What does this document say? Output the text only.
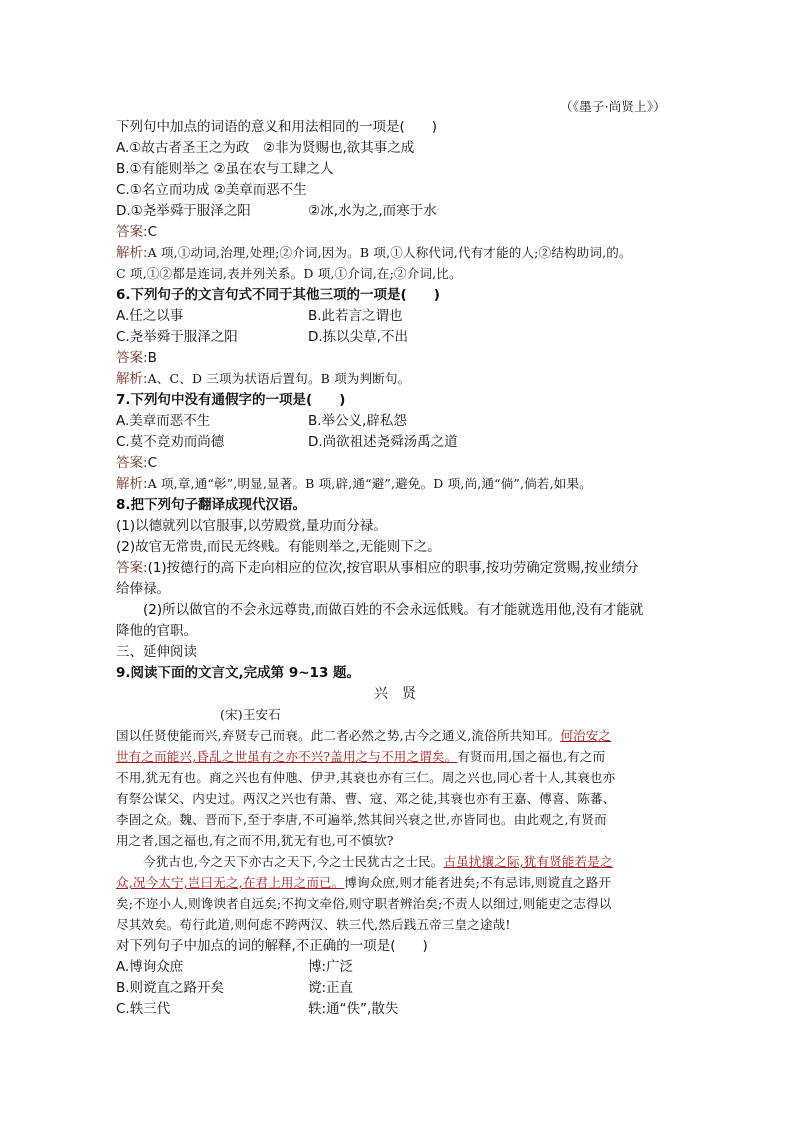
（《墨子·尚贤上》）
下列句中加点的词语的意义和用法相同的一项是(　　)
A.①故古者圣王之为政　②非为贤赐也,欲其事之成
B.①有能则举之 ②虽在农与工肆之人
C.①名立而功成 ②美章而恶不生
D.①尧举舜于服泽之阳	②冰,水为之,而寒于水
答案:C
解析:A 项,①动词,治理,处理;②介词,因为。B 项,①人称代词,代有才能的人;②结构助词,的。
C 项,①②都是连词,表并列关系。D 项,①介词,在;②介词,比。
6.下列句子的文言句式不同于其他三项的一项是(　　)
A.任之以事	B.此若言之谓也
C.尧举舜于服泽之阳	D.拣以尖草,不出
答案:B
解析:A、C、D 三项为状语后置句。B 项为判断句。
7.下列句中没有通假字的一项是(　　)
A.美章而恶不生	B.举公义,辟私怨
C.莫不竞劝而尚德	D.尚欲祖述尧舜汤禹之道
答案:C
解析:A 项,章,通“彰”,明显,显著。B 项,辟,通“避”,避免。D 项,尚,通“倘”,倘若,如果。
8.把下列句子翻译成现代汉语。
(1)以德就列以官服事,以劳殿赏,量功而分禄。
(2)故官无常贵,而民无终贱。有能则举之,无能则下之。
答案:(1)按德行的高下走向相应的位次,按官职从事相应的职事,按功劳确定赏赐,按业绩分
给俸禄。
(2)所以做官的不会永远尊贵,而做百姓的不会永远低贱。有才能就选用他,没有才能就
降他的官职。
三、延伸阅读
9.阅读下面的文言文,完成第 9~13 题。
兴　贤
(宋)王安石
国以任贤使能而兴,弃贤专己而衰。此二者必然之势,古今之通义,流俗所共知耳。何治安之
世有之而能兴,昏乱之世虽有之亦不兴?盖用之与不用之谓矣。有贤而用,国之福也,有之而
不用,犹无有也。商之兴也有仲虺、伊尹,其衰也亦有三仁。周之兴也,同心者十人,其衰也亦
有祭公谋父、内史过。两汉之兴也有萧、曹、寇、邓之徒,其衰也亦有王嘉、傅喜、陈蕃、
李固之众。魏、晋而下,至于李唐,不可遍举,然其间兴衰之世,亦皆同也。由此观之,有贤而
用之者,国之福也,有之而不用,犹无有也,可不慎欤?
今犹古也,今之天下亦古之天下,今之士民犹古之士民。古虽扰攘之际,犹有贤能若是之
众,况今太宁,岂曰无之,在君上用之而已。博询众庶,则才能者进矣;不有忌讳,则谠直之路开
矣;不迩小人,则谗谀者自远矣;不拘文牵俗,则守职者辨治矣;不责人以细过,则能吏之志得以
尽其效矣。苟行此道,则何虑不跨两汉、轶三代,然后践五帝三皇之途哉!
对下列句子中加点的词的解释,不正确的一项是(　　)
A.博询众庶	博:广泛
B.则谠直之路开矣	谠:正直
C.轶三代	轶:通“佚”,散失
